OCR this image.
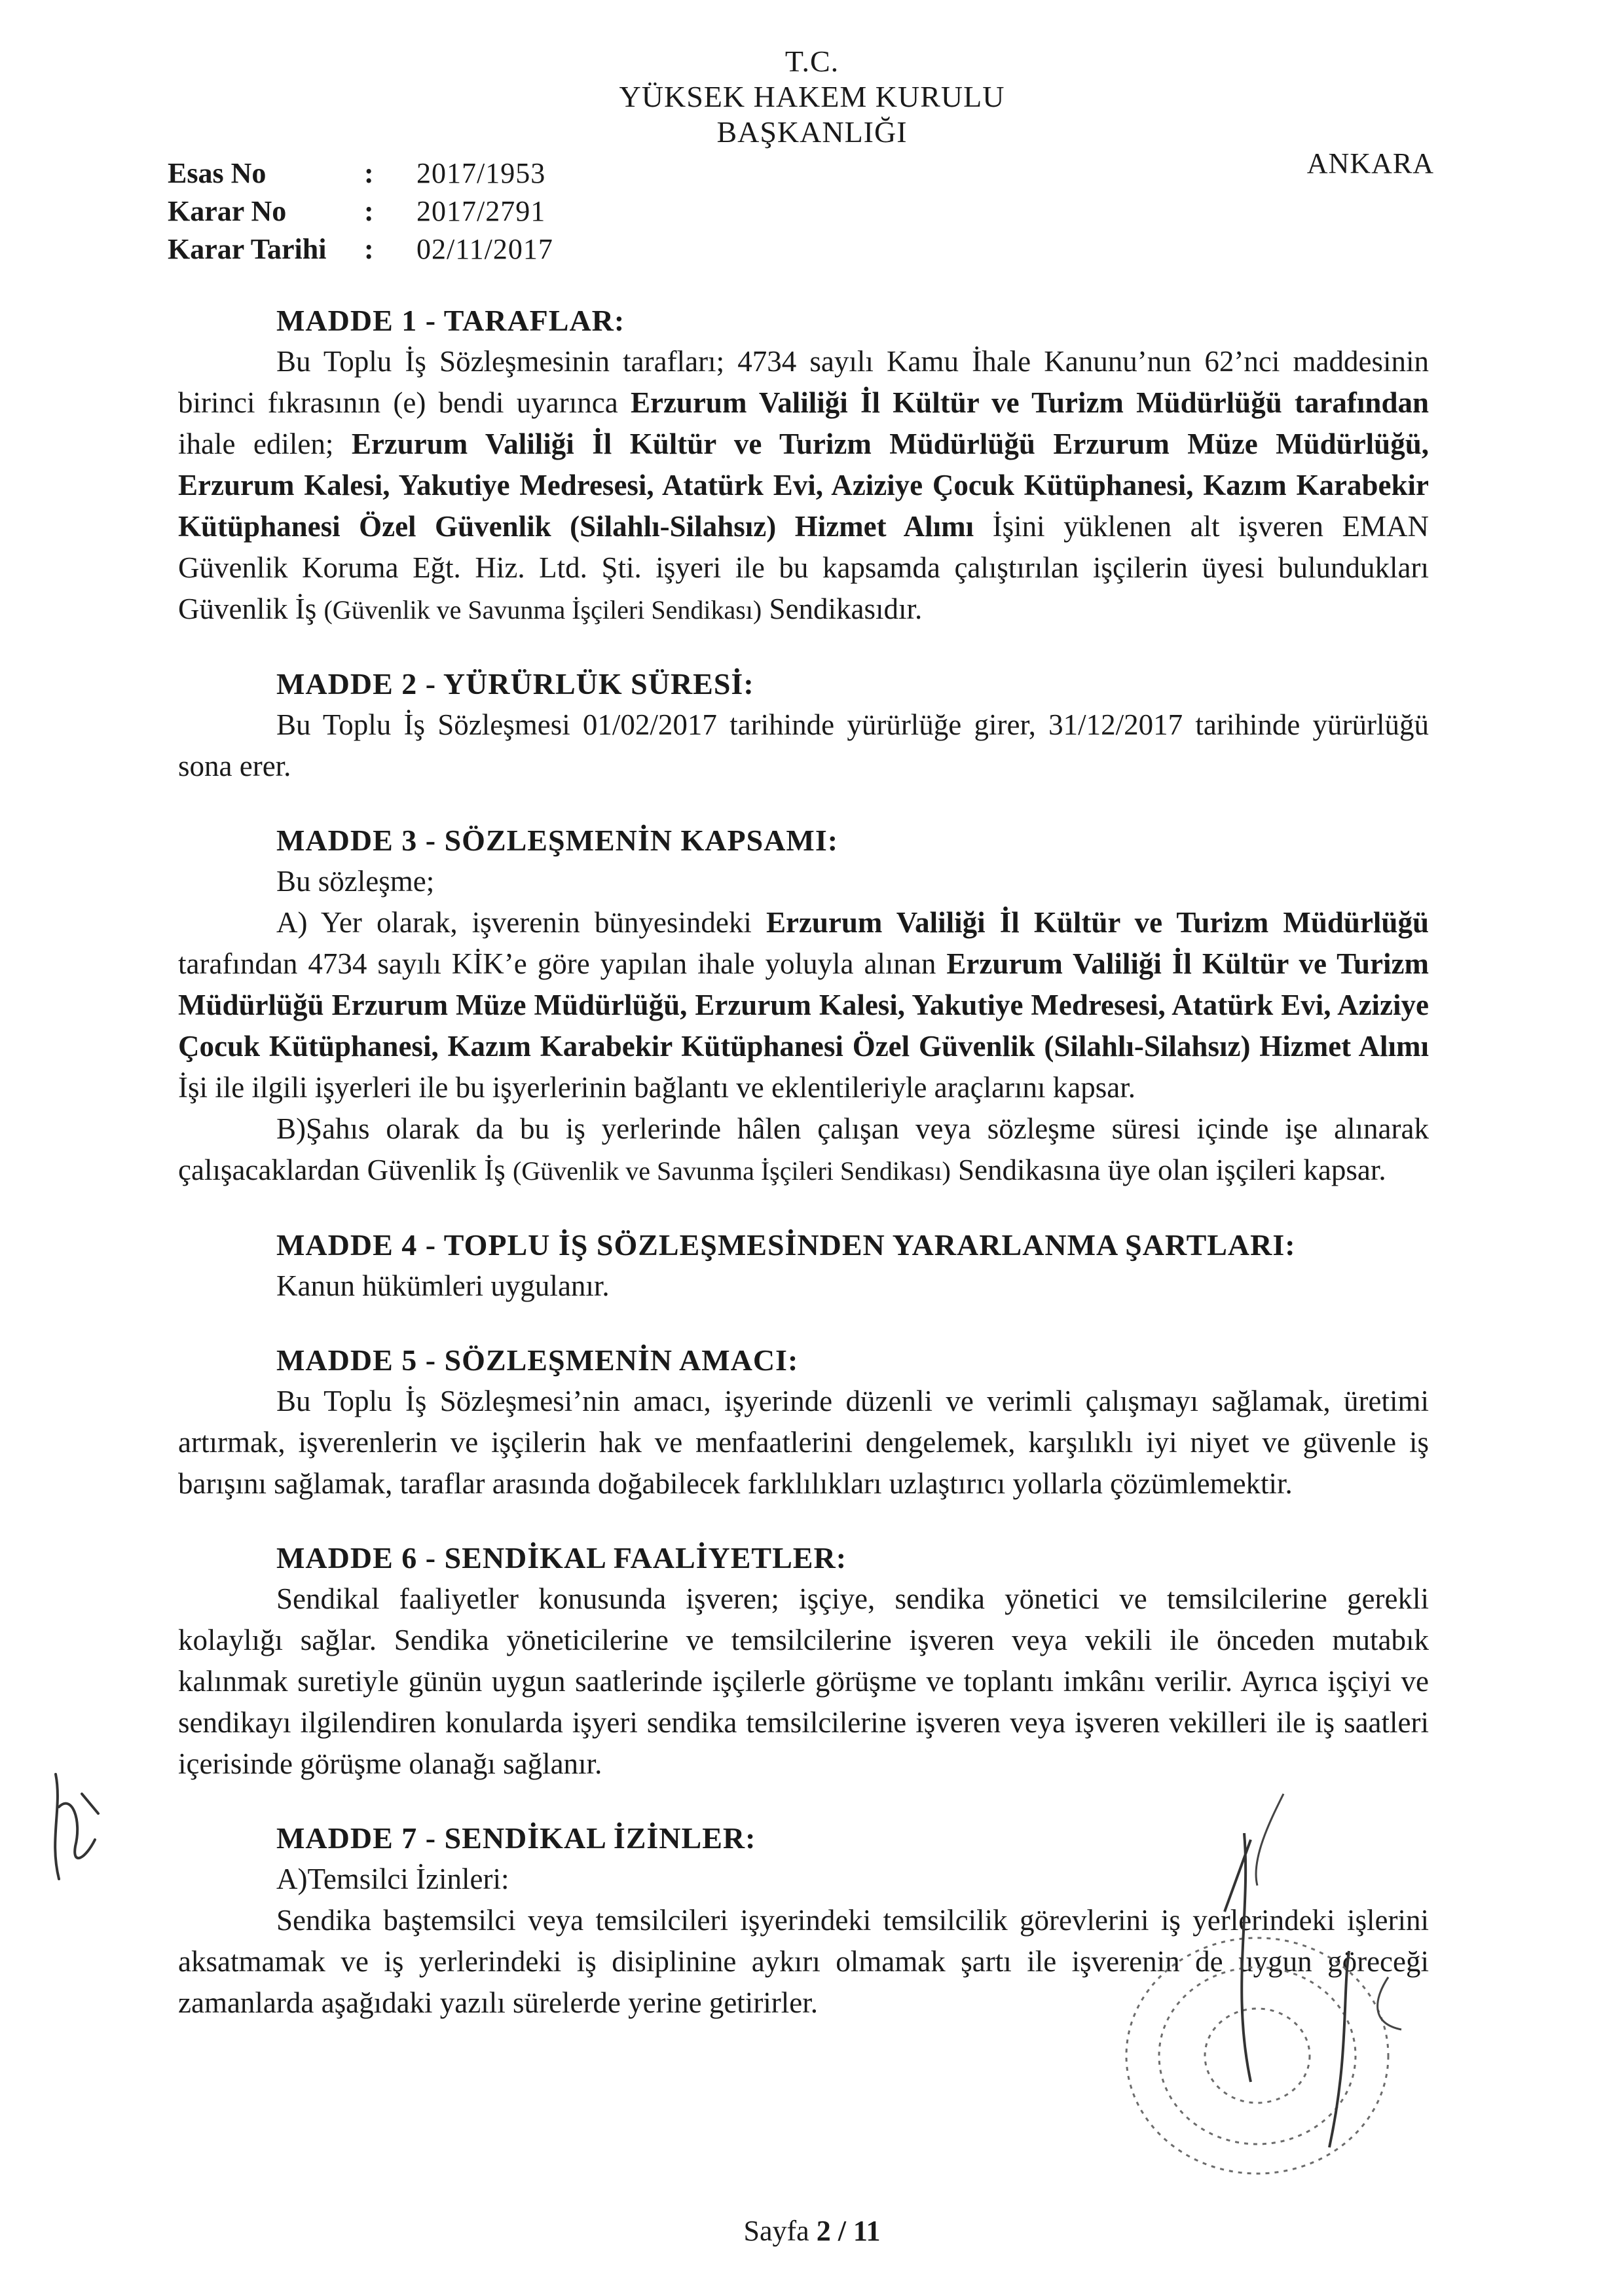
T.C.
YÜKSEK HAKEM KURULU
BAŞKANLIĞI
ANKARA
Esas No	:	2017/1953
Karar No	:	2017/2791
Karar Tarihi	:	02/11/2017
MADDE 1 - TARAFLAR:

Bu Toplu İş Sözleşmesinin tarafları; 4734 sayılı Kamu İhale Kanunu’nun 62’nci maddesinin birinci fıkrasının (e) bendi uyarınca Erzurum Valiliği İl Kültür ve Turizm Müdürlüğü tarafından ihale edilen; Erzurum Valiliği İl Kültür ve Turizm Müdürlüğü Erzurum Müze Müdürlüğü, Erzurum Kalesi, Yakutiye Medresesi, Atatürk Evi, Aziziye Çocuk Kütüphanesi, Kazım Karabekir Kütüphanesi Özel Güvenlik (Silahlı-Silahsız) Hizmet Alımı İşini yüklenen alt işveren EMAN Güvenlik Koruma Eğt. Hiz. Ltd. Şti. işyeri ile bu kapsamda çalıştırılan işçilerin üyesi bulundukları Güvenlik İş (Güvenlik ve Savunma İşçileri Sendikası) Sendikasıdır.

MADDE 2 - YÜRÜRLÜK SÜRESİ:

Bu Toplu İş Sözleşmesi 01/02/2017 tarihinde yürürlüğe girer, 31/12/2017 tarihinde yürürlüğü sona erer.

MADDE 3 - SÖZLEŞMENİN KAPSAMI:

Bu sözleşme;

A) Yer olarak, işverenin bünyesindeki Erzurum Valiliği İl Kültür ve Turizm Müdürlüğü tarafından 4734 sayılı KİK’e göre yapılan ihale yoluyla alınan Erzurum Valiliği İl Kültür ve Turizm Müdürlüğü Erzurum Müze Müdürlüğü, Erzurum Kalesi, Yakutiye Medresesi, Atatürk Evi, Aziziye Çocuk Kütüphanesi, Kazım Karabekir Kütüphanesi Özel Güvenlik (Silahlı-Silahsız) Hizmet Alımı İşi ile ilgili işyerleri ile bu işyerlerinin bağlantı ve eklentileriyle araçlarını kapsar.

B)Şahıs olarak da bu iş yerlerinde hâlen çalışan veya sözleşme süresi içinde işe alınarak çalışacaklardan Güvenlik İş (Güvenlik ve Savunma İşçileri Sendikası) Sendikasına üye olan işçileri kapsar.

MADDE 4 - TOPLU İŞ SÖZLEŞMESİNDEN YARARLANMA ŞARTLARI:

Kanun hükümleri uygulanır.

MADDE 5 - SÖZLEŞMENİN AMACI:

Bu Toplu İş Sözleşmesi’nin amacı, işyerinde düzenli ve verimli çalışmayı sağlamak, üretimi artırmak, işverenlerin ve işçilerin hak ve menfaatlerini dengelemek, karşılıklı iyi niyet ve güvenle iş barışını sağlamak, taraflar arasında doğabilecek farklılıkları uzlaştırıcı yollarla çözümlemektir.

MADDE 6 - SENDİKAL FAALİYETLER:

Sendikal faaliyetler konusunda işveren; işçiye, sendika yönetici ve temsilcilerine gerekli kolaylığı sağlar. Sendika yöneticilerine ve temsilcilerine işveren veya vekili ile önceden mutabık kalınmak suretiyle günün uygun saatlerinde işçilerle görüşme ve toplantı imkânı verilir. Ayrıca işçiyi ve sendikayı ilgilendiren konularda işyeri sendika temsilcilerine işveren veya işveren vekilleri ile iş saatleri içerisinde görüşme olanağı sağlanır.

MADDE 7 - SENDİKAL İZİNLER:

A)Temsilci İzinleri:

Sendika baştemsilci veya temsilcileri işyerindeki temsilcilik görevlerini iş yerlerindeki işlerini aksatmamak ve iş yerlerindeki iş disiplinine aykırı olmamak şartı ile işverenin de uygun göreceği zamanlarda aşağıdaki yazılı sürelerde yerine getirirler.

Sayfa 2 / 11
